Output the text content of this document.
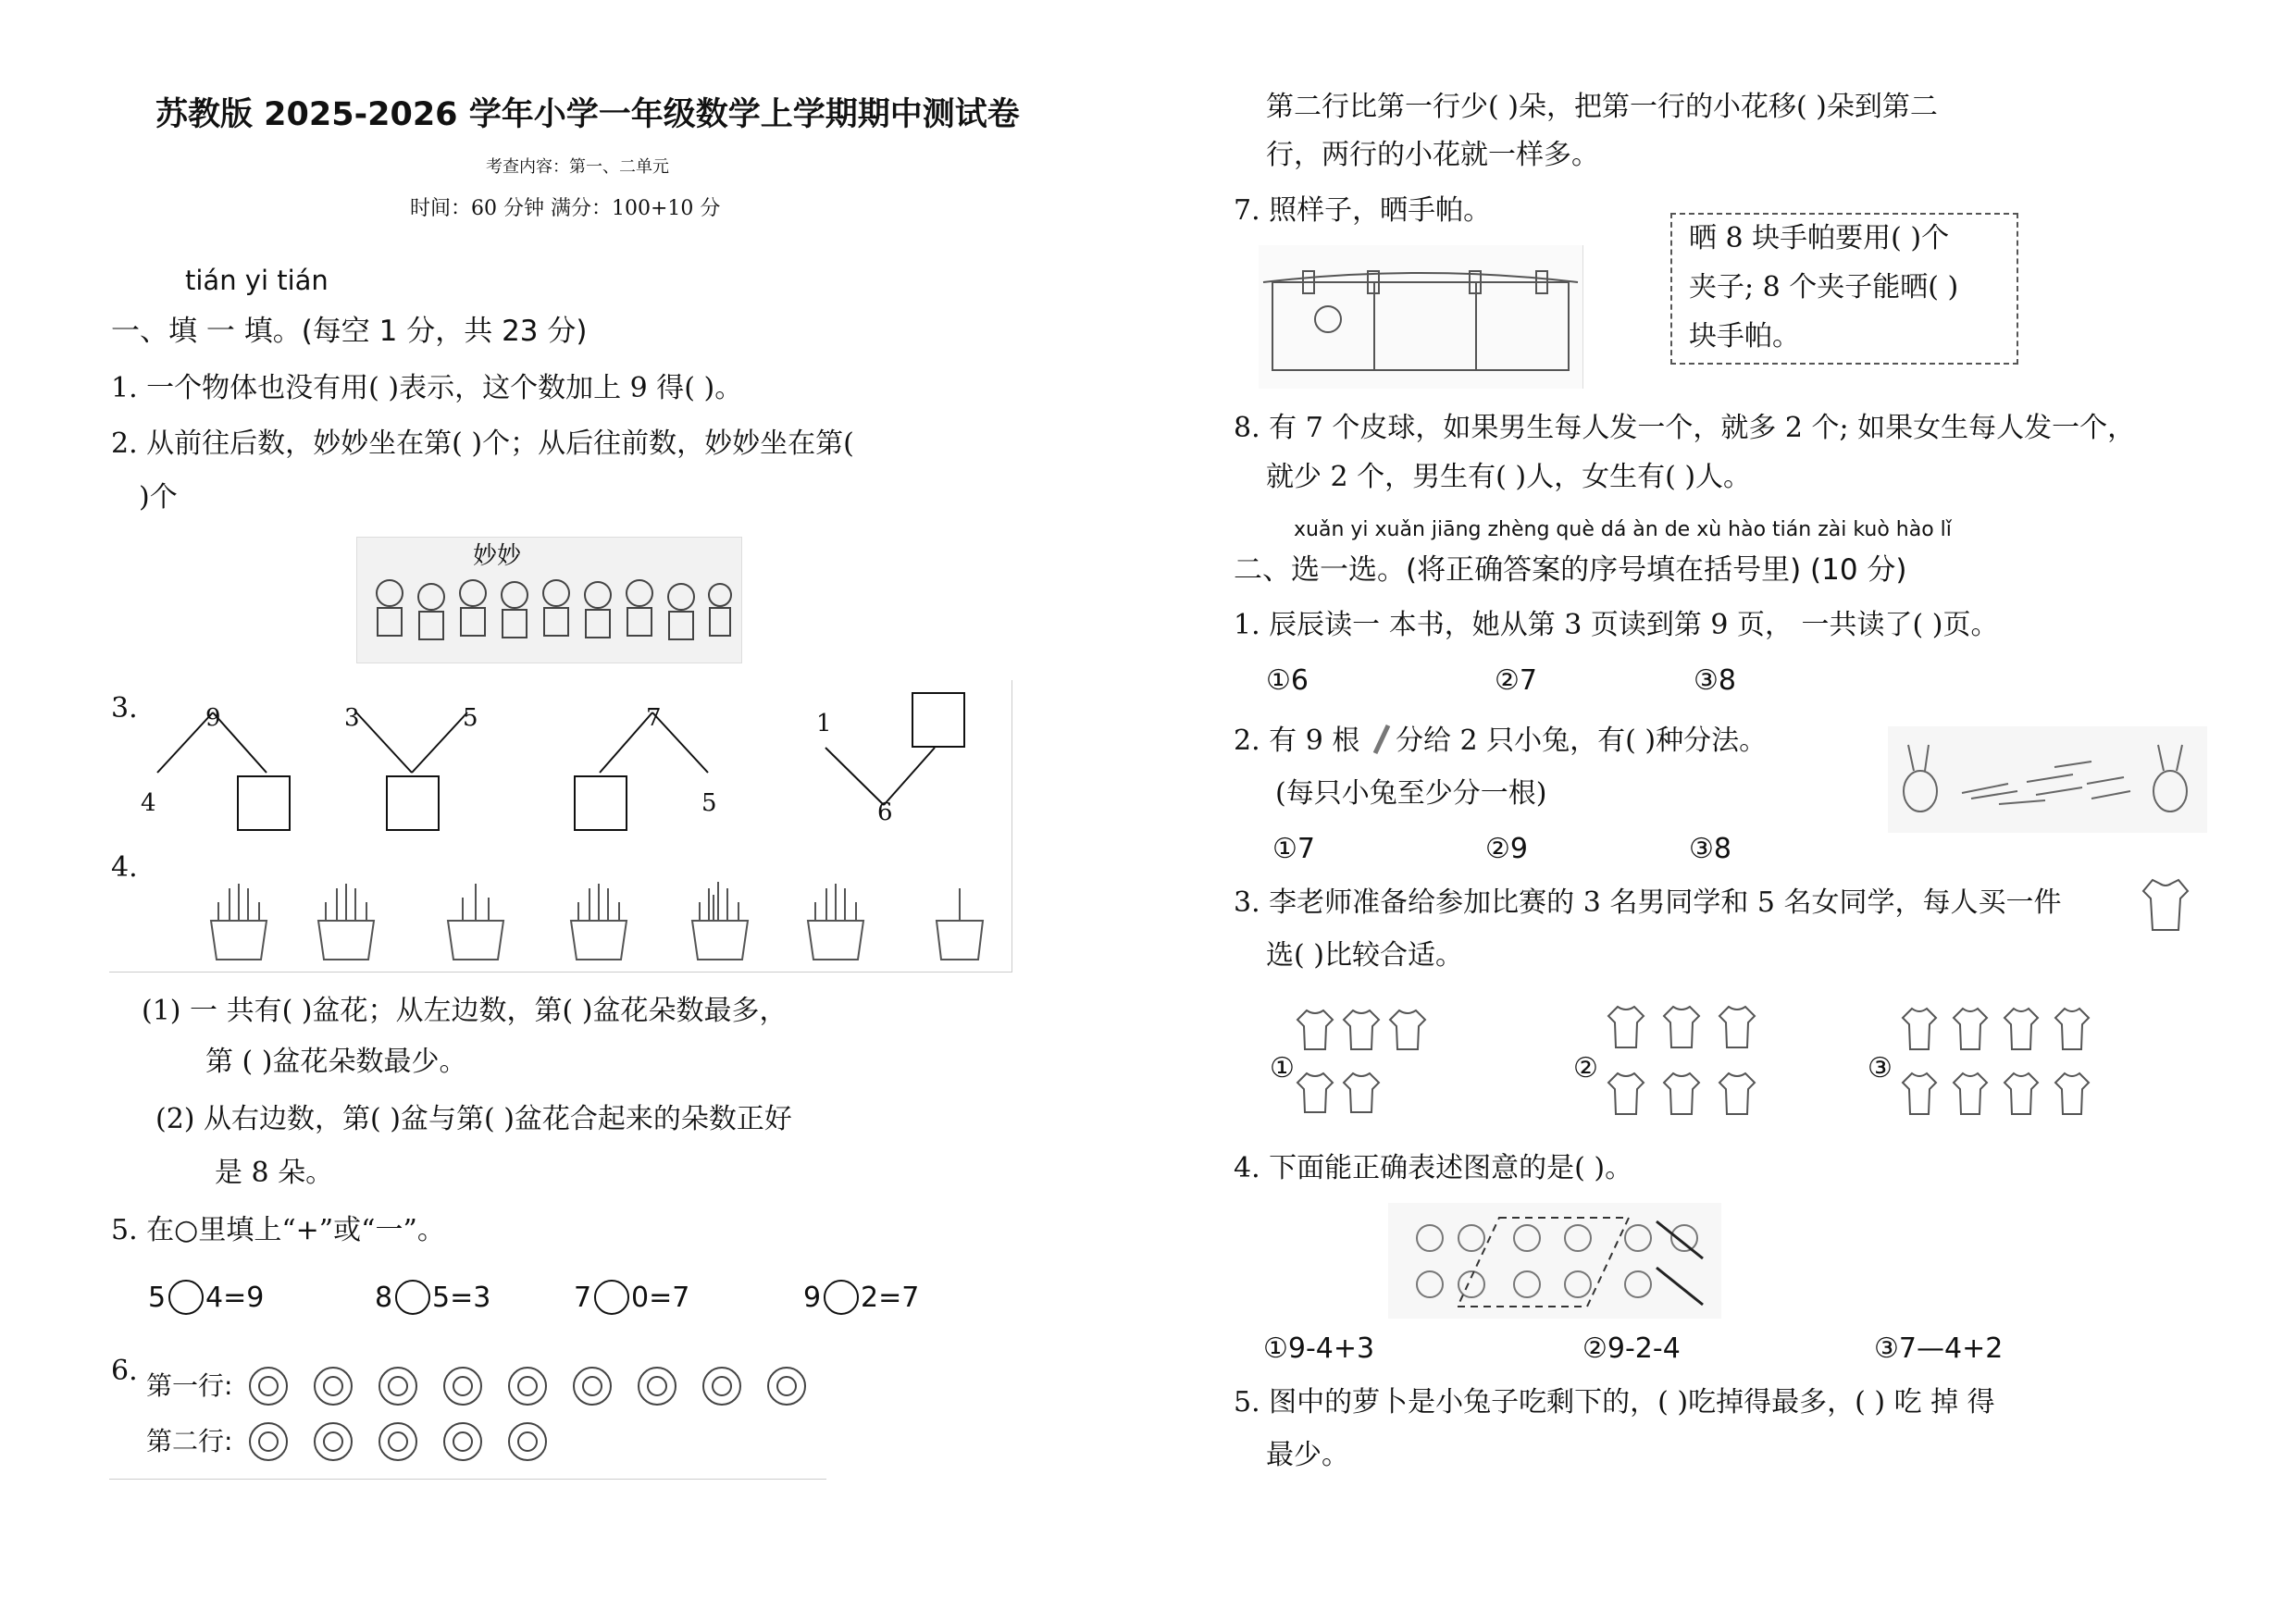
苏教版 2025-2026 学年小学一年级数学上学期期中测试卷
考查内容：第一、二单元
时间：60 分钟 满分：100+10 分
tián yi tián
一、填 一 填。(每空 1 分，共 23 分)
1. 一个物体也没有用( )表示，这个数加上 9 得( )。
2. 从前往后数，妙妙坐在第( )个；从后往前数，妙妙坐在第(
)个
妙妙
3.	9
4
3	5	7
5
1
6
4.
(1) 一 共有( )盆花；从左边数，第( )盆花朵数最多，
第 ( )盆花朵数最少。
(2) 从右边数，第( )盆与第( )盆花合起来的朵数正好
是 8 朵。
5. 在○里填上“+”或“一”。
5 4=9	8 5=3	7 0=7	9 2=7
6. 第一行:
第二行:
第二行比第一行少( )朵，把第一行的小花移( )朵到第二
行，两行的小花就一样多。
7. 照样子，晒手帕。
晒 8 块手帕要用( )个
夹子; 8 个夹子能晒( )
块手帕。
8. 有 7 个皮球，如果男生每人发一个，就多 2 个; 如果女生每人发一个，
就少 2 个，男生有( )人，女生有( )人。
xuǎn yi xuǎn jiāng zhèng què dá àn de xù hào tián zài kuò hào lǐ
二、选一选。(将正确答案的序号填在括号里) (10 分)
1. 辰辰读一 本书，她从第 3 页读到第 9 页， 一共读了( )页。
①6	②7	③8
2. 有 9 根 分给 2 只小兔，有( )种分法。
(每只小兔至少分一根)
①7	②9	③8
3. 李老师准备给参加比赛的 3 名男同学和 5 名女同学，每人买一件
选( )比较合适。
①	②	③
4. 下面能正确表述图意的是( )。
①9-4+3	②9-2-4	③7—4+2
5. 图中的萝卜是小兔子吃剩下的，( )吃掉得最多，( ) 吃 掉 得
最少。
